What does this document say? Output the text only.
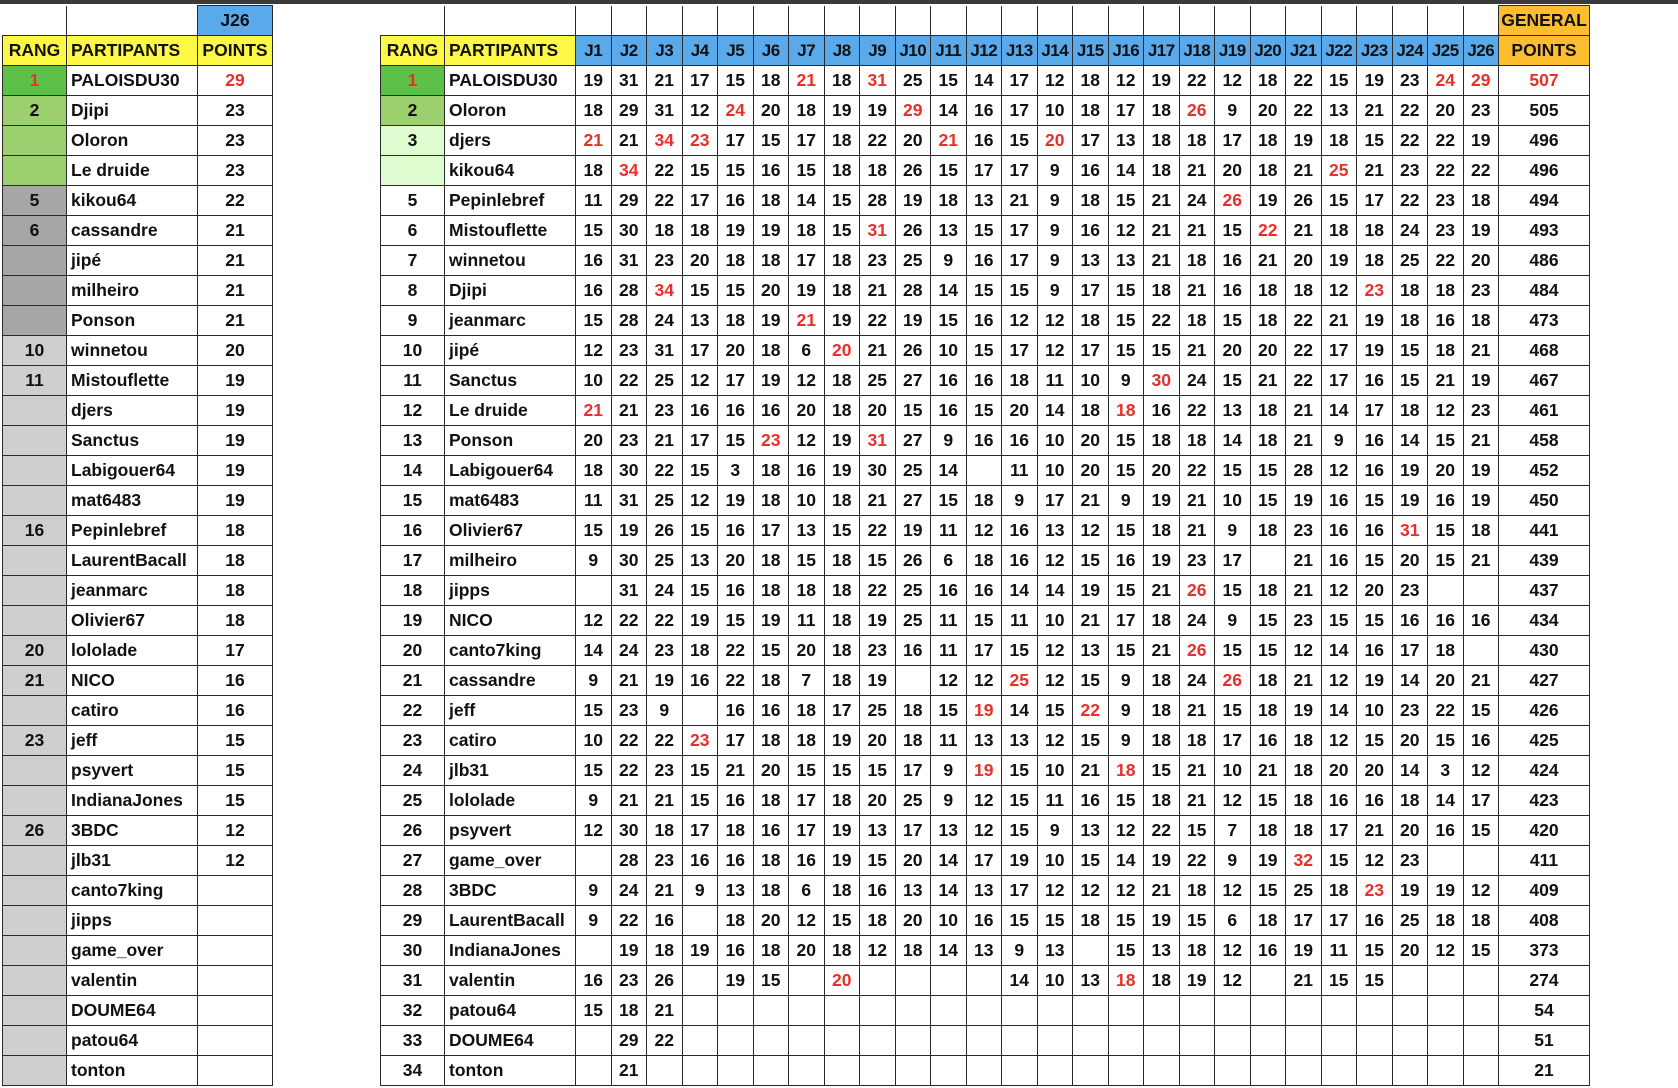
		J26
RANG	PARTIPANTS	POINTS
1	PALOISDU30	29
2	Djipi	23
	Oloron	23
	Le druide	23
5	kikou64	22
6	cassandre	21
	jipé	21
	milheiro	21
	Ponson	21
10	winnetou	20
11	Mistouflette	19
	djers	19
	Sanctus	19
	Labigouer64	19
	mat6483	19
16	Pepinlebref	18
	LaurentBacall	18
	jeanmarc	18
	Olivier67	18
20	lololade	17
21	NICO	16
	catiro	16
23	jeff	15
	psyvert	15
	IndianaJones	15
26	3BDC	12
	jlb31	12
	canto7king	
	jipps	
	game_over	
	valentin	
	DOUME64	
	patou64	
	tonton	
																												GENERAL
RANG	PARTIPANTS	J1	J2	J3	J4	J5	J6	J7	J8	J9	J10	J11	J12	J13	J14	J15	J16	J17	J18	J19	J20	J21	J22	J23	J24	J25	J26	POINTS
1	PALOISDU30	19	31	21	17	15	18	21	18	31	25	15	14	17	12	18	12	19	22	12	18	22	15	19	23	24	29	507
2	Oloron	18	29	31	12	24	20	18	19	19	29	14	16	17	10	18	17	18	26	9	20	22	13	21	22	20	23	505
3	djers	21	21	34	23	17	15	17	18	22	20	21	16	15	20	17	13	18	18	17	18	19	18	15	22	22	19	496
	kikou64	18	34	22	15	15	16	15	18	18	26	15	17	17	9	16	14	18	21	20	18	21	25	21	23	22	22	496
5	Pepinlebref	11	29	22	17	16	18	14	15	28	19	18	13	21	9	18	15	21	24	26	19	26	15	17	22	23	18	494
6	Mistouflette	15	30	18	18	19	19	18	15	31	26	13	15	17	9	16	12	21	21	15	22	21	18	18	24	23	19	493
7	winnetou	16	31	23	20	18	18	17	18	23	25	9	16	17	9	13	13	21	18	16	21	20	19	18	25	22	20	486
8	Djipi	16	28	34	15	15	20	19	18	21	28	14	15	15	9	17	15	18	21	16	18	18	12	23	18	18	23	484
9	jeanmarc	15	28	24	13	18	19	21	19	22	19	15	16	12	12	18	15	22	18	15	18	22	21	19	18	16	18	473
10	jipé	12	23	31	17	20	18	6	20	21	26	10	15	17	12	17	15	15	21	20	20	22	17	19	15	18	21	468
11	Sanctus	10	22	25	12	17	19	12	18	25	27	16	16	18	11	10	9	30	24	15	21	22	17	16	15	21	19	467
12	Le druide	21	21	23	16	16	16	20	18	20	15	16	15	20	14	18	18	16	22	13	18	21	14	17	18	12	23	461
13	Ponson	20	23	21	17	15	23	12	19	31	27	9	16	16	10	20	15	18	18	14	18	21	9	16	14	15	21	458
14	Labigouer64	18	30	22	15	3	18	16	19	30	25	14		11	10	20	15	20	22	15	15	28	12	16	19	20	19	452
15	mat6483	11	31	25	12	19	18	10	18	21	27	15	18	9	17	21	9	19	21	10	15	19	16	15	19	16	19	450
16	Olivier67	15	19	26	15	16	17	13	15	22	19	11	12	16	13	12	15	18	21	9	18	23	16	16	31	15	18	441
17	milheiro	9	30	25	13	20	18	15	18	15	26	6	18	16	12	15	16	19	23	17		21	16	15	20	15	21	439
18	jipps		31	24	15	16	18	18	18	22	25	16	16	14	14	19	15	21	26	15	18	21	12	20	23			437
19	NICO	12	22	22	19	15	19	11	18	19	25	11	15	11	10	21	17	18	24	9	15	23	15	15	16	16	16	434
20	canto7king	14	24	23	18	22	15	20	18	23	16	11	17	15	12	13	15	21	26	15	15	12	14	16	17	18		430
21	cassandre	9	21	19	16	22	18	7	18	19		12	12	25	12	15	9	18	24	26	18	21	12	19	14	20	21	427
22	jeff	15	23	9		16	16	18	17	25	18	15	19	14	15	22	9	18	21	15	18	19	14	10	23	22	15	426
23	catiro	10	22	22	23	17	18	18	19	20	18	11	13	13	12	15	9	18	18	17	16	18	12	15	20	15	16	425
24	jlb31	15	22	23	15	21	20	15	15	15	17	9	19	15	10	21	18	15	21	10	21	18	20	20	14	3	12	424
25	lololade	9	21	21	15	16	18	17	18	20	25	9	12	15	11	16	15	18	21	12	15	18	16	16	18	14	17	423
26	psyvert	12	30	18	17	18	16	17	19	13	17	13	12	15	9	13	12	22	15	7	18	18	17	21	20	16	15	420
27	game_over		28	23	16	16	18	16	19	15	20	14	17	19	10	15	14	19	22	9	19	32	15	12	23			411
28	3BDC	9	24	21	9	13	18	6	18	16	13	14	13	17	12	12	12	21	18	12	15	25	18	23	19	19	12	409
29	LaurentBacall	9	22	16		18	20	12	15	18	20	10	16	15	15	18	15	19	15	6	18	17	17	16	25	18	18	408
30	IndianaJones		19	18	19	16	18	20	18	12	18	14	13	9	13		15	13	18	12	16	19	11	15	20	12	15	373
31	valentin	16	23	26		19	15		20					14	10	13	18	18	19	12		21	15	15				274
32	patou64	15	18	21																								54
33	DOUME64		29	22																								51
34	tonton		21																									21
